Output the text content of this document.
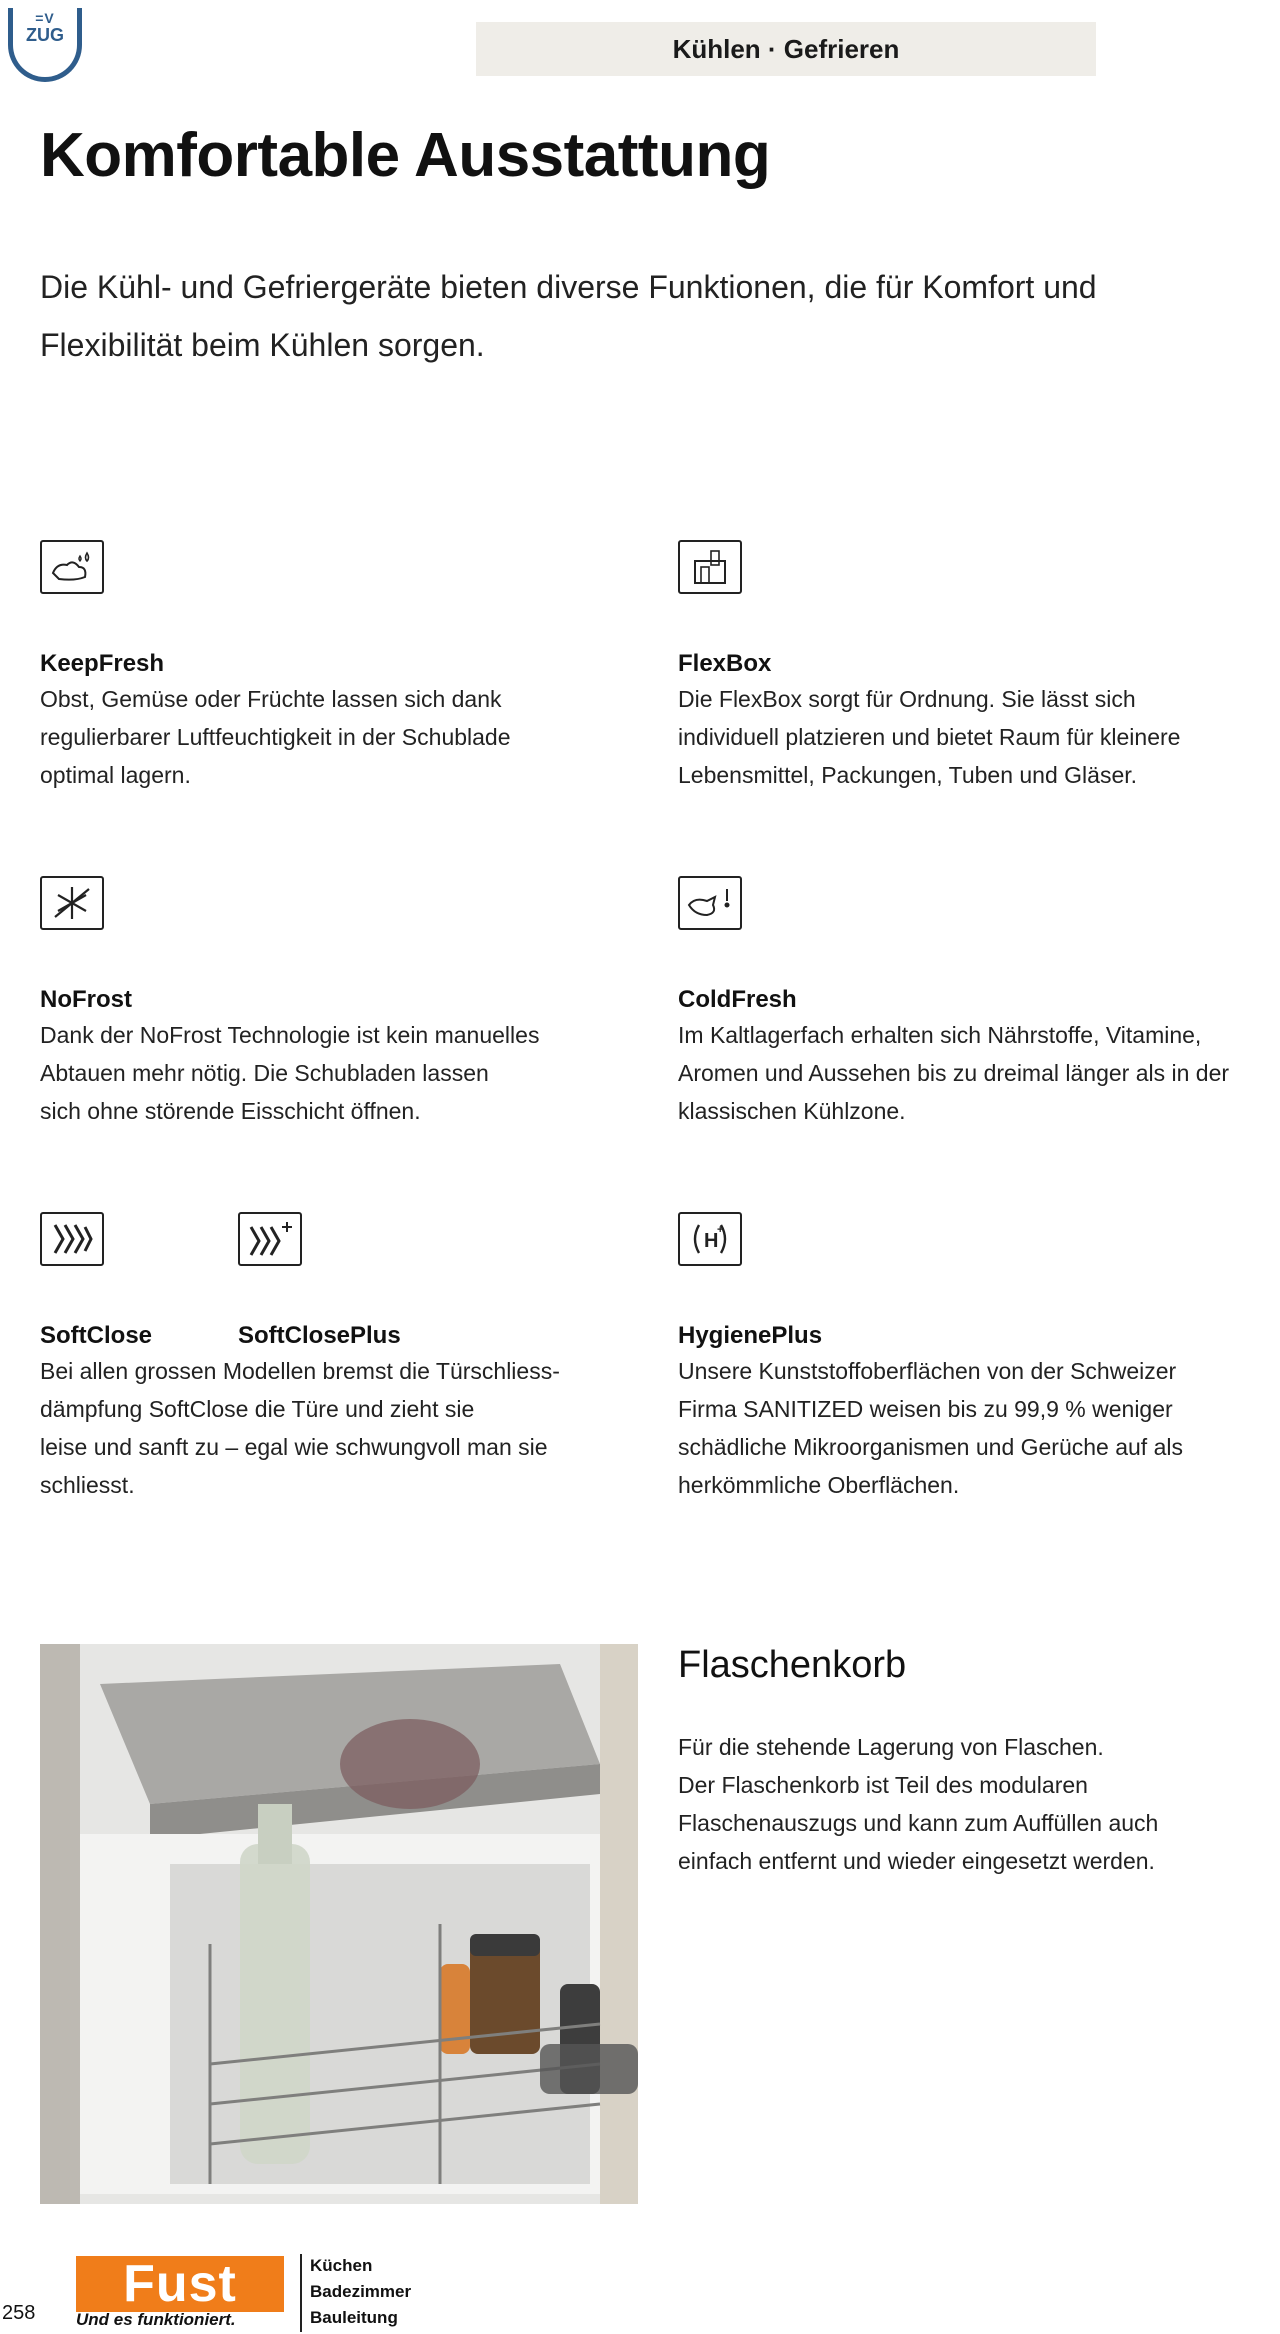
=V
ZUG	Kühlen · Gefrieren
Komfortable Ausstattung
Die Kühl- und Gefriergeräte bieten diverse Funktionen, die für Komfort und
Flexibilität beim Kühlen sorgen.
KeepFresh
Obst, Gemüse oder Früchte lassen sich dank
regulierbarer Luftfeuchtigkeit in der Schublade
optimal lagern.
FlexBox
Die FlexBox sorgt für Ordnung. Sie lässt sich
individuell platzieren und bietet Raum für kleinere
Lebensmittel, Packungen, Tuben und Gläser.
NoFrost
Dank der NoFrost Technologie ist kein manuelles
Abtauen mehr nötig. Die Schubladen lassen
sich ohne störende Eisschicht öffnen.
ColdFresh
Im Kaltlagerfach erhalten sich Nährstoffe, Vitamine,
Aromen und Aussehen bis zu dreimal länger als in der
klassischen Kühlzone.
SoftClose	SoftClosePlus
Bei allen grossen Modellen bremst die Türschliess-
dämpfung SoftClose die Türe und zieht sie
leise und sanft zu – egal wie schwungvoll man sie
schliesst.
H
+
HygienePlus
Unsere Kunststoffoberflächen von der Schweizer
Firma SANITIZED weisen bis zu 99,9 % weniger
schädliche Mikroorganismen und Gerüche auf als
herkömmliche Oberflächen.
Flaschenkorb
Für die stehende Lagerung von Flaschen.
Der Flaschenkorb ist Teil des modularen
Flaschenauszugs und kann zum Auffüllen auch
einfach entfernt und wieder eingesetzt werden.
258	Fust
Und es funktioniert.
Küchen
Badezimmer
Bauleitung
